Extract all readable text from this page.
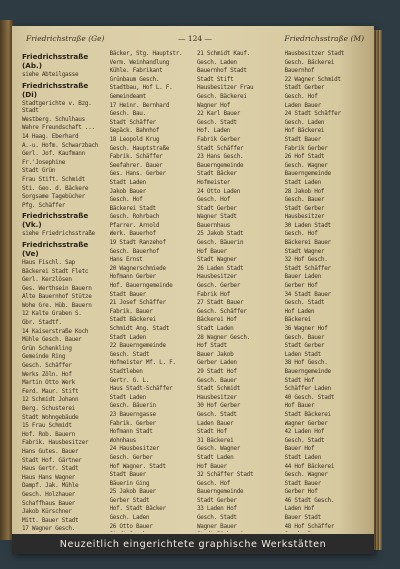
Friedrichstraße (Ge)	— 124 —	Friedrichsstraße (M)
Friedrichsstraße (Ab.)
siehe Abteilgasse
Friedrichsstraße (Di)
Stadtgerichte v. Bzg. Stadt
Westberg. Schulhaus
Wahre Freundschaft ...
14 Haag. Eberhard
A.-u. Hofm. Schwarzbach
Gerl. Jof. Kaufmann
Fr.'Josephine
Stadt Grün
Frau Stift. Schmidt
Sti. Geo. d. Bäckere
Sorgsame Tagebücher
Pfg. Schäffer
Friedrichsstraße (Vk.)
siehe Friedrichsstraße
Friedrichsstraße (Ve)
Haus Fischl. Sap
Bäckerei Stadt Fletc
Gerl. Kerzlösen
Ges. Werthsein Bauern
Alte Bauernhof Stütze
Wohe Gre. Hüb. Bauern
12 Kalte Graben S.
Gbr. Stadtf.
14 Kaiserstraße Koch
Mühle Gesch. Bauer
Grün Schenkling
Gemeinde Ring
Gesch. Schäffer
Werks Zöln. Hof
Martin Otto Werk
Ferd. Maur. Stift
12 Schmidt Johann
Berg. Schusterei
Stadt Wohngebäude
15 Frau Schmidt
Hof. Rob. Bauern
Fabrik. Hausbesitzer
Hans Gutes. Bauer
Stadt Hof. Gärtner
Haus Gertr. Stadt
Haus Hans Wagner
Dampf. Jak. Mühle
Gesch. Holzhauer
Schaffhaus Bauer
Jakob Kürschner
Mitt. Bauer Stadt
17 Wagner Gesch.
Bäcker, Stg. Hauptstr.
Verm. Weinhandlung
Kühle. Fabrikant
Grünbaum Gesch.
Stadtbau, Hof L. F.
Gemeindeamt
17 Heinr. Bernhard
Gesch. Bau.
Stadt Schäffer
Gepäck. Bahnhof
18 Leopold Krug
Gesch. Hauptstraße
Fabrik. Schäffer
Seefahrer. Bauer
Ges. Hans. Gerber
Stadt Laden
Jakob Bauer
Gesch. Hof
Bäckerei Stadt
Gesch. Rohrbach
Pfarrer. Arnold
Werk. Bauerhof
19 Stadt Ranzehof
Gesch. Bauerhof
Hans Ernst
20 Wagnerschmiede
Hofmann Gerber
Hof. Bauerngemeinde
Stadt Bauer
21 Josef Schäffer
Fabrik. Bauer
Stadt Bäckerei
Schmidt Ang. Stadt
Stadt Laden
22 Bauerngemeinde
Gesch. Stadt
Hofmeister Mf. L. F.
Stadtleben
Gertr. G. L.
Haus Stadt-Schäffer
Stadt Laden
Gesch. Bäuerin
23 Bauerngasse
Fabrik. Gerber
Hofmann Stadt
Wohnhaus
24 Hausbesitzer
Gesch. Gerber
Hof Wagner. Stadt
Stadt Bauer
Bäuerin Ging
25 Jakob Bauer
Gerber Stadt
Hof. Stadt Bäcker
Gesch. Laden
26 Otto Bauer
21 Schmidt Kauf.
Gesch. Laden
Bauernhof Stadt
Stadt Stift
Hausbesitzer Frau
Gesch. Bäckerei
Wagner Hof
22 Karl Bauer
Gesch. Stadt
Hof. Laden
Fabrik Gerber
Stadt Schäffer
23 Hans Gesch.
Bauerngemeinde
Stadt Bäcker
Hofmeister
24 Otto Laden
Gesch. Hof
Stadt Gerber
Wagner Stadt
Bauernhaus
25 Jakob Stadt
Gesch. Bäuerin
Hof Bauer
Stadt Wagner
26 Laden Stadt
Hausbesitzer
Gesch. Gerber
Fabrik Hof
27 Stadt Bauer
Gesch. Schäffer
Bäckerei Hof
Stadt Laden
28 Wagner Gesch.
Hof Stadt
Bauer Jakob
Gerber Laden
29 Stadt Hof
Gesch. Bauer
Stadt Schmidt
Hausbesitzer
30 Hof Gerber
Gesch. Stadt
Laden Bauer
Stadt Hof
31 Bäckerei
Gesch. Wagner
Stadt Laden
Hof Bauer
32 Schäffer Stadt
Gesch. Hof
Bauerngemeinde
Stadt Gerber
33 Laden Hof
Gesch. Stadt
Wagner Bauer
Hausbesitzer Stadt
Gesch. Bäckerei
Bauernhof
22 Wagner Schmidt
Stadt Gerber
Gesch. Hof
Laden Bauer
24 Stadt Schäffer
Gesch. Laden
Hof Bäckerei
Stadt Bauer
Fabrik Gerber
26 Hof Stadt
Gesch. Wagner
Bauerngemeinde
Stadt Laden
28 Jakob Hof
Gesch. Bauer
Stadt Gerber
Hausbesitzer
30 Laden Stadt
Gesch. Hof
Bäckerei Bauer
Stadt Wagner
32 Hof Gesch.
Stadt Schäffer
Bauer Laden
Gerber Hof
34 Stadt Bauer
Gesch. Stadt
Hof Laden
Bäckerei
36 Wagner Hof
Gesch. Bauer
Stadt Gerber
Laden Stadt
38 Hof Gesch.
Bauerngemeinde
Stadt Hof
Schäffer Laden
40 Gesch. Stadt
Hof Bauer
Stadt Bäckerei
Wagner Gerber
42 Laden Hof
Gesch. Stadt
Bauer Hof
Stadt Laden
44 Hof Bäckerei
Gesch. Wagner
Stadt Bauer
Gerber Hof
46 Stadt Gesch.
Laden Hof
Bauer Stadt
48 Hof Schäffer
Neuzeitlich eingerichtete graphische Werkstätten
